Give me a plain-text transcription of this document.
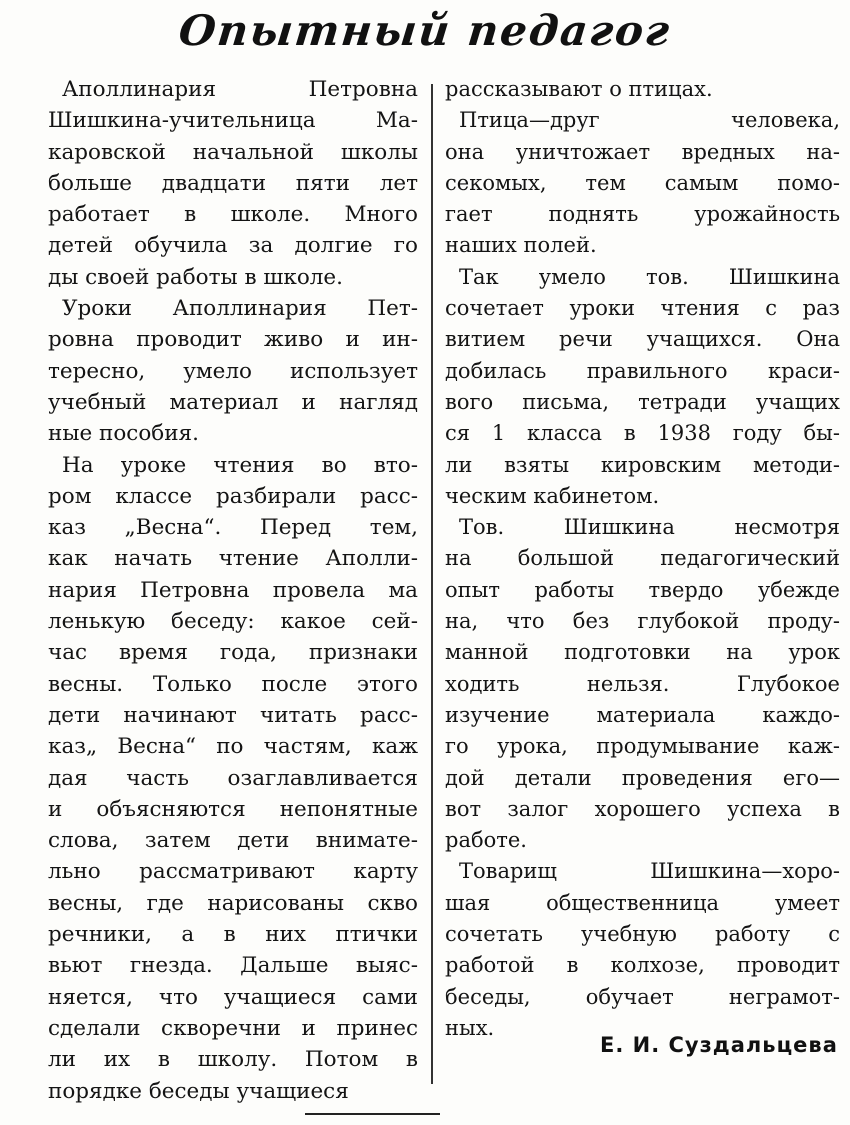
Опытный педагог
Аполлинария Петровна
Шишкина-учительница Ма-
каровской начальной школы
больше двадцати пяти лет
работает в школе. Много
детей обучила за долгие го
ды своей работы в школе.
Уроки Аполлинария Пет-
ровна проводит живо и ин-
тересно, умело использует
учебный материал и нагляд
ные пособия.
На уроке чтения во вто-
ром классе разбирали расс-
каз „Весна“. Перед тем,
как начать чтение Аполли-
нария Петровна провела ма
ленькую беседу: какое сей-
час время года, признаки
весны. Только после этого
дети начинают читать расс-
каз„ Весна“ по частям, каж
дая часть озаглавливается
и объясняются непонятные
слова, затем дети внимате-
льно рассматривают карту
весны, где нарисованы скво
речники, а в них птички
вьют гнезда. Дальше выяс-
няется, что учащиеся сами
сделали скворечни и принес
ли их в школу. Потом в
порядке беседы учащиеся
рассказывают о птицах.
Птица—друг человека,
она уничтожает вредных на-
секомых, тем самым помо-
гает поднять урожайность
наших полей.
Так умело тов. Шишкина
сочетает уроки чтения с раз
витием речи учащихся. Она
добилась правильного краси-
вого письма, тетради учащих
ся 1 класса в 1938 году бы-
ли взяты кировским методи-
ческим кабинетом.
Тов. Шишкина несмотря
на большой педагогический
опыт работы твердо убежде
на, что без глубокой проду-
манной подготовки на урок
ходить нельзя. Глубокое
изучение материала каждо-
го урока, продумывание каж-
дой детали проведения его—
вот залог хорошего успеха в
работе.
Товарищ Шишкина—хоро-
шая общественница умеет
сочетать учебную работу с
работой в колхозе, проводит
беседы, обучает неграмот-
ных.
Е. И. Суздальцева
